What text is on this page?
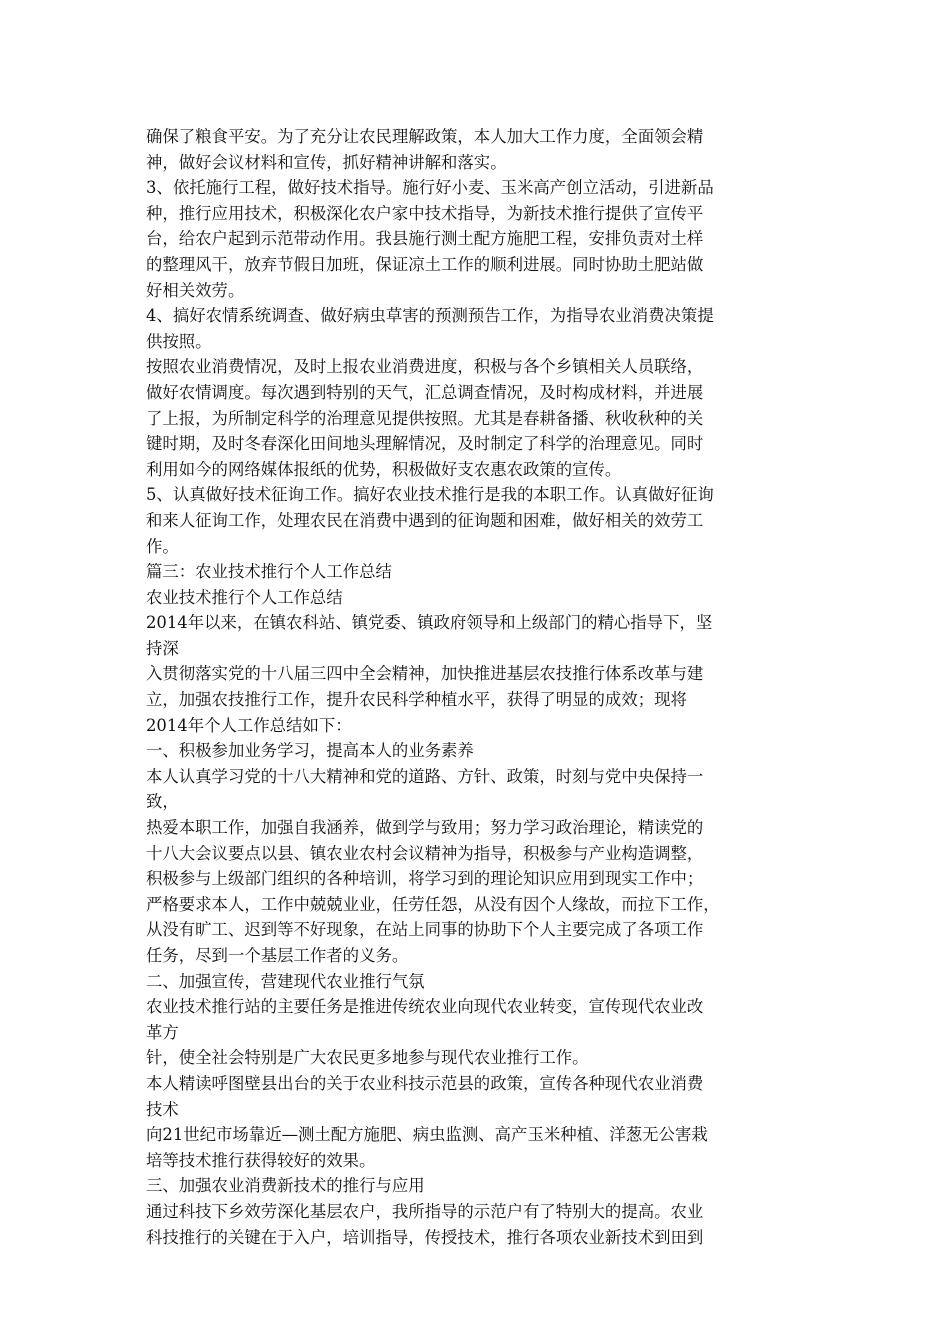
确保了粮食平安。为了充分让农民理解政策，本人加大工作力度，全面领会精

神，做好会议材料和宣传，抓好精神讲解和落实。

3、依托施行工程，做好技术指导。施行好小麦、玉米高产创立活动，引进新品

种，推行应用技术，积极深化农户家中技术指导，为新技术推行提供了宣传平

台，给农户起到示范带动作用。我县施行测土配方施肥工程，安排负责对土样

的整理风干，放弃节假日加班，保证凉土工作的顺利进展。同时协助土肥站做

好相关效劳。

4、搞好农情系统调查、做好病虫草害的预测预告工作，为指导农业消费决策提

供按照。

按照农业消费情况，及时上报农业消费进度，积极与各个乡镇相关人员联络，

做好农情调度。每次遇到特别的天气，汇总调查情况，及时构成材料，并进展

了上报，为所制定科学的治理意见提供按照。尤其是春耕备播、秋收秋种的关

键时期，及时冬春深化田间地头理解情况，及时制定了科学的治理意见。同时

利用如今的网络媒体报纸的优势，积极做好支农惠农政策的宣传。

5、认真做好技术征询工作。搞好农业技术推行是我的本职工作。认真做好征询

和来人征询工作，处理农民在消费中遇到的征询题和困难，做好相关的效劳工

作。

篇三：农业技术推行个人工作总结

农业技术推行个人工作总结

2014年以来，在镇农科站、镇党委、镇政府领导和上级部门的精心指导下，坚

持深

入贯彻落实党的十八届三四中全会精神，加快推进基层农技推行体系改革与建

立，加强农技推行工作，提升农民科学种植水平，获得了明显的成效；现将

2014年个人工作总结如下：

一、积极参加业务学习，提高本人的业务素养

本人认真学习党的十八大精神和党的道路、方针、政策，时刻与党中央保持一

致，

热爱本职工作，加强自我涵养，做到学与致用；努力学习政治理论，精读党的

十八大会议要点以县、镇农业农村会议精神为指导，积极参与产业构造调整，

积极参与上级部门组织的各种培训，将学习到的理论知识应用到现实工作中；

严格要求本人，工作中兢兢业业，任劳任怨，从没有因个人缘故，而拉下工作，

从没有旷工、迟到等不好现象，在站上同事的协助下个人主要完成了各项工作

任务，尽到一个基层工作者的义务。

二、加强宣传，营建现代农业推行气氛

农业技术推行站的主要任务是推进传统农业向现代农业转变，宣传现代农业改

革方

针，使全社会特别是广大农民更多地参与现代农业推行工作。

本人精读呼图壁县出台的关于农业科技示范县的政策，宣传各种现代农业消费

技术

向21世纪市场靠近—测土配方施肥、病虫监测、高产玉米种植、洋葱无公害栽

培等技术推行获得较好的效果。

三、加强农业消费新技术的推行与应用

通过科技下乡效劳深化基层农户，我所指导的示范户有了特别大的提高。农业

科技推行的关键在于入户，培训指导，传授技术，推行各项农业新技术到田到
